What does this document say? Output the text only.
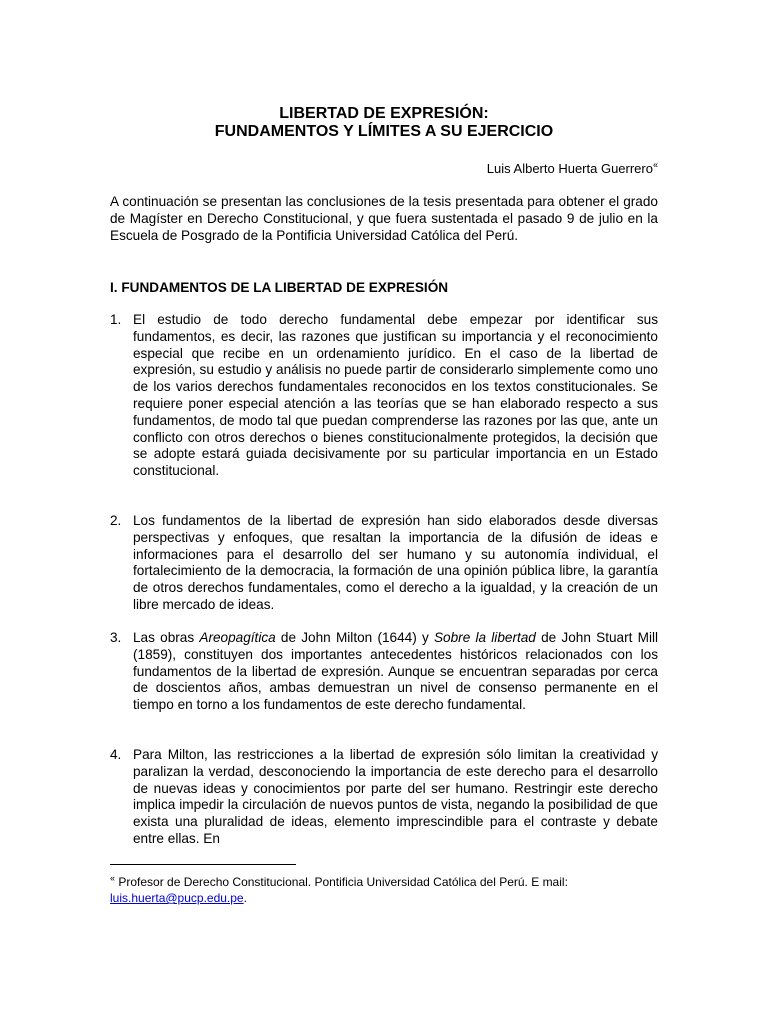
LIBERTAD DE EXPRESIÓN:
FUNDAMENTOS Y LÍMITES A SU EJERCICIO
Luis Alberto Huerta Guerrero«
A continuación se presentan las conclusiones de la tesis presentada para obtener el grado de Magíster en Derecho Constitucional, y que fuera sustentada el pasado 9 de julio en la Escuela de Posgrado de la Pontificia Universidad Católica del Perú.
I. FUNDAMENTOS DE LA LIBERTAD DE EXPRESIÓN
1. El estudio de todo derecho fundamental debe empezar por identificar sus fundamentos, es decir, las razones que justifican su importancia y el reconocimiento especial que recibe en un ordenamiento jurídico. En el caso de la libertad de expresión, su estudio y análisis no puede partir de considerarlo simplemente como uno de los varios derechos fundamentales reconocidos en los textos constitucionales. Se requiere poner especial atención a las teorías que se han elaborado respecto a sus fundamentos, de modo tal que puedan comprenderse las razones por las que, ante un conflicto con otros derechos o bienes constitucionalmente protegidos, la decisión que se adopte estará guiada decisivamente por su particular importancia en un Estado constitucional.
2. Los fundamentos de la libertad de expresión han sido elaborados desde diversas perspectivas y enfoques, que resaltan la importancia de la difusión de ideas e informaciones para el desarrollo del ser humano y su autonomía individual, el fortalecimiento de la democracia, la formación de una opinión pública libre, la garantía de otros derechos fundamentales, como el derecho a la igualdad, y la creación de un libre mercado de ideas.
3. Las obras Areopagítica de John Milton (1644) y Sobre la libertad de John Stuart Mill (1859), constituyen dos importantes antecedentes históricos relacionados con los fundamentos de la libertad de expresión. Aunque se encuentran separadas por cerca de doscientos años, ambas demuestran un nivel de consenso permanente en el tiempo en torno a los fundamentos de este derecho fundamental.
4. Para Milton, las restricciones a la libertad de expresión sólo limitan la creatividad y paralizan la verdad, desconociendo la importancia de este derecho para el desarrollo de nuevas ideas y conocimientos por parte del ser humano. Restringir este derecho implica impedir la circulación de nuevos puntos de vista, negando la posibilidad de que exista una pluralidad de ideas, elemento imprescindible para el contraste y debate entre ellas. En
« Profesor de Derecho Constitucional. Pontificia Universidad Católica del Perú. E mail:
luis.huerta@pucp.edu.pe.
